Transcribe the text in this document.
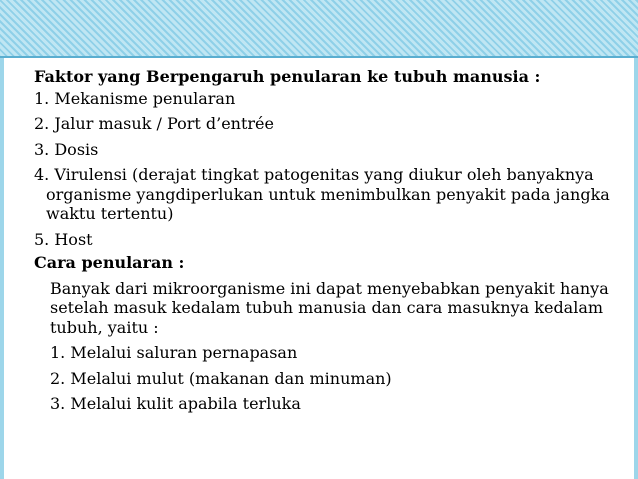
Faktor yang Berpengaruh penularan ke tubuh manusia :

1. Mekanisme penularan

2. Jalur masuk / Port d’entrée

3. Dosis

4. Virulensi (derajat tingkat patogenitas yang diukur oleh banyaknya organisme yangdiperlukan untuk menimbulkan penyakit pada jangka waktu tertentu)

5. Host

Cara penularan :

Banyak dari mikroorganisme ini dapat menyebabkan penyakit hanya setelah masuk kedalam tubuh manusia dan cara masuknya kedalam tubuh, yaitu :

1. Melalui saluran pernapasan

2. Melalui mulut (makanan dan minuman)

3. Melalui kulit apabila terluka
